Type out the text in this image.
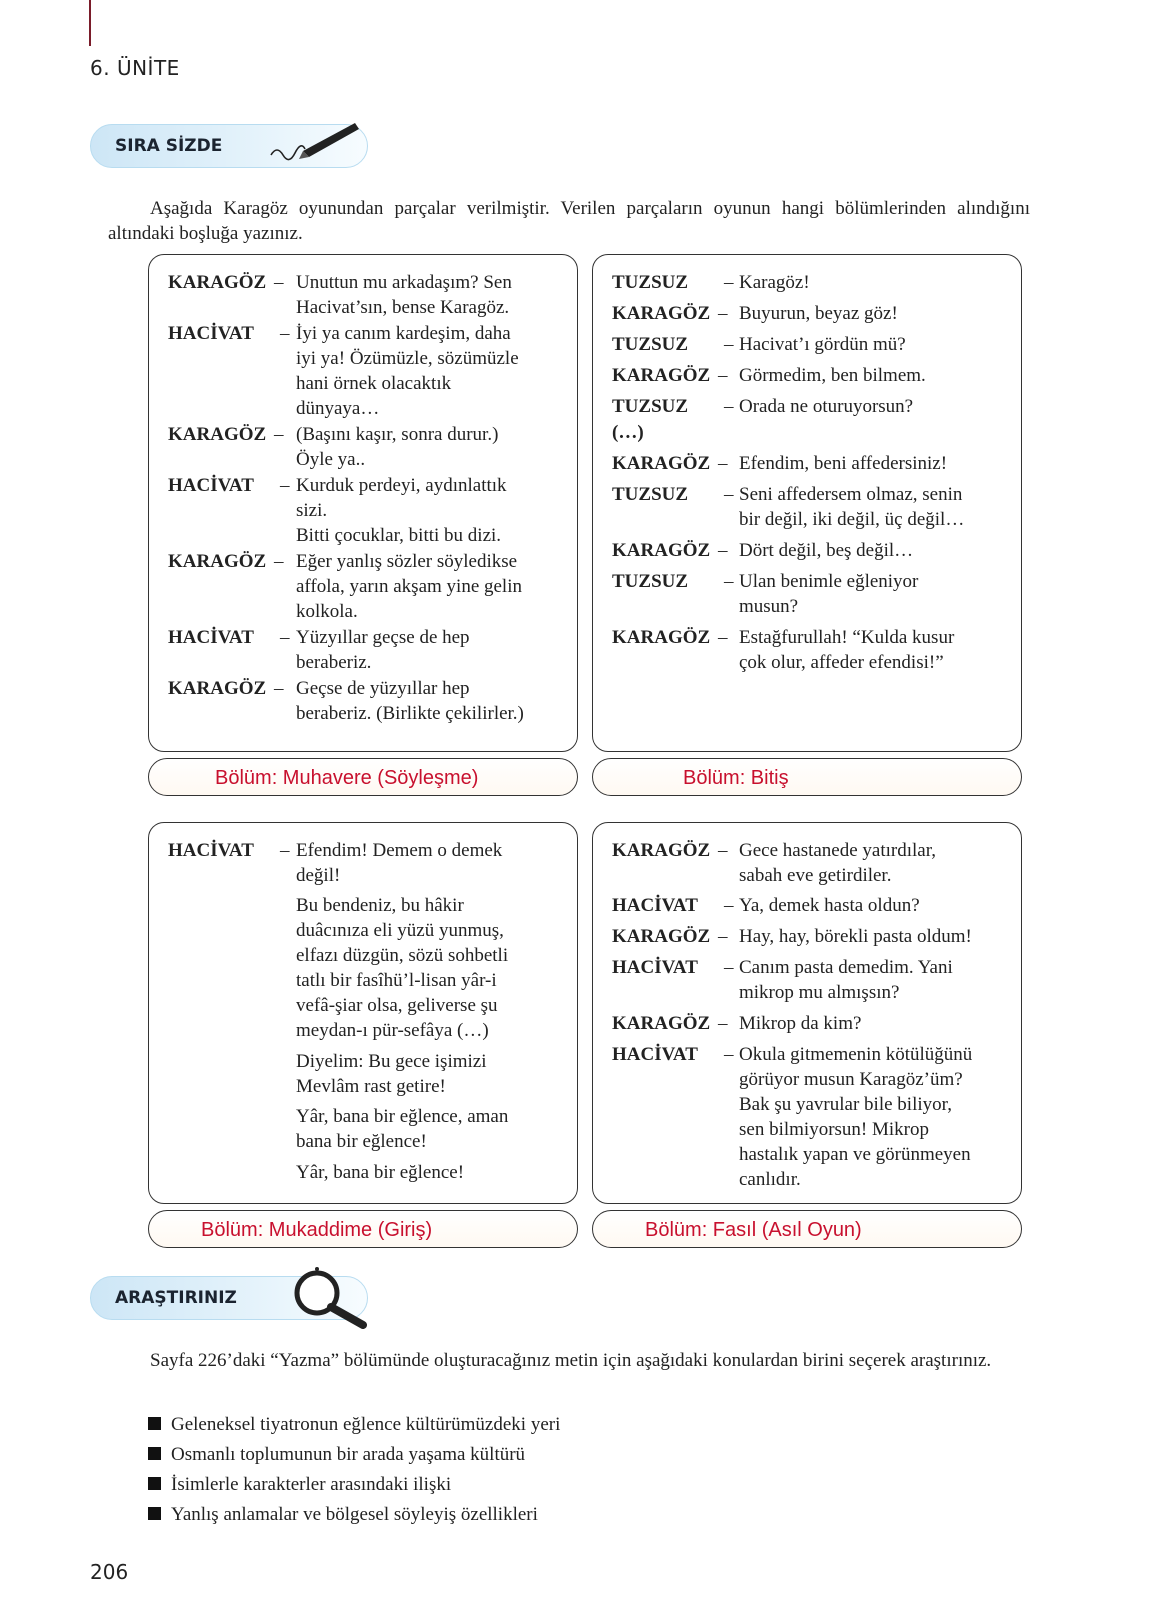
6. ÜNİTE
SIRA SİZDE
Aşağıda Karagöz oyunundan parçalar verilmiştir. Verilen parçaların oyunun hangi bölümlerinden alındığını altındaki boşluğa yazınız.
KARAGÖZ – Unuttun mu arkadaşım? Sen
Hacivat’sın, bense Karagöz.
HACİVAT – İyi ya canım kardeşim, daha
iyi ya! Özümüzle, sözümüzle
hani örnek olacaktık
dünyaya…
KARAGÖZ – (Başını kaşır, sonra durur.)
Öyle ya..
HACİVAT – Kurduk perdeyi, aydınlattık
sizi.
Bitti çocuklar, bitti bu dizi.
KARAGÖZ – Eğer yanlış sözler söyledikse
affola, yarın akşam yine gelin
kolkola.
HACİVAT – Yüzyıllar geçse de hep
beraberiz.
KARAGÖZ – Geçse de yüzyıllar hep
beraberiz. (Birlikte çekilirler.)
TUZSUZ – Karagöz!
KARAGÖZ – Buyurun, beyaz göz!
TUZSUZ – Hacivat’ı gördün mü?
KARAGÖZ – Görmedim, ben bilmem.
TUZSUZ – Orada ne oturuyorsun?
(…)
KARAGÖZ – Efendim, beni affedersiniz!
TUZSUZ – Seni affedersem olmaz, senin
bir değil, iki değil, üç değil…
KARAGÖZ – Dört değil, beş değil…
TUZSUZ – Ulan benimle eğleniyor
musun?
KARAGÖZ – Estağfurullah! “Kulda kusur
çok olur, affeder efendisi!”
HACİVAT – Efendim! Demem o demek
değil!
Bu bendeniz, bu hâkir
duâcınıza eli yüzü yunmuş,
elfazı düzgün, sözü sohbetli
tatlı bir fasîhü’l-lisan yâr-i
vefâ-şiar olsa, geliverse şu
meydan-ı pür-sefâya (…)
Diyelim: Bu gece işimizi
Mevlâm rast getire!
Yâr, bana bir eğlence, aman
bana bir eğlence!
Yâr, bana bir eğlence!
KARAGÖZ – Gece hastanede yatırdılar,
sabah eve getirdiler.
HACİVAT – Ya, demek hasta oldun?
KARAGÖZ – Hay, hay, börekli pasta oldum!
HACİVAT – Canım pasta demedim. Yani
mikrop mu almışsın?
KARAGÖZ – Mikrop da kim?
HACİVAT – Okula gitmemenin kötülüğünü
görüyor musun Karagöz’üm?
Bak şu yavrular bile biliyor,
sen bilmiyorsun! Mikrop
hastalık yapan ve görünmeyen
canlıdır.
Bölüm: Muhavere (Söyleşme)	Bölüm: Bitiş
Bölüm: Mukaddime (Giriş)	Bölüm: Fasıl (Asıl Oyun)
ARAŞTIRINIZ
Sayfa 226’daki “Yazma” bölümünde oluşturacağınız metin için aşağıdaki konulardan birini seçerek araştırınız.
Geleneksel tiyatronun eğlence kültürümüzdeki yeri
Osmanlı toplumunun bir arada yaşama kültürü
İsimlerle karakterler arasındaki ilişki
Yanlış anlamalar ve bölgesel söyleyiş özellikleri
206
